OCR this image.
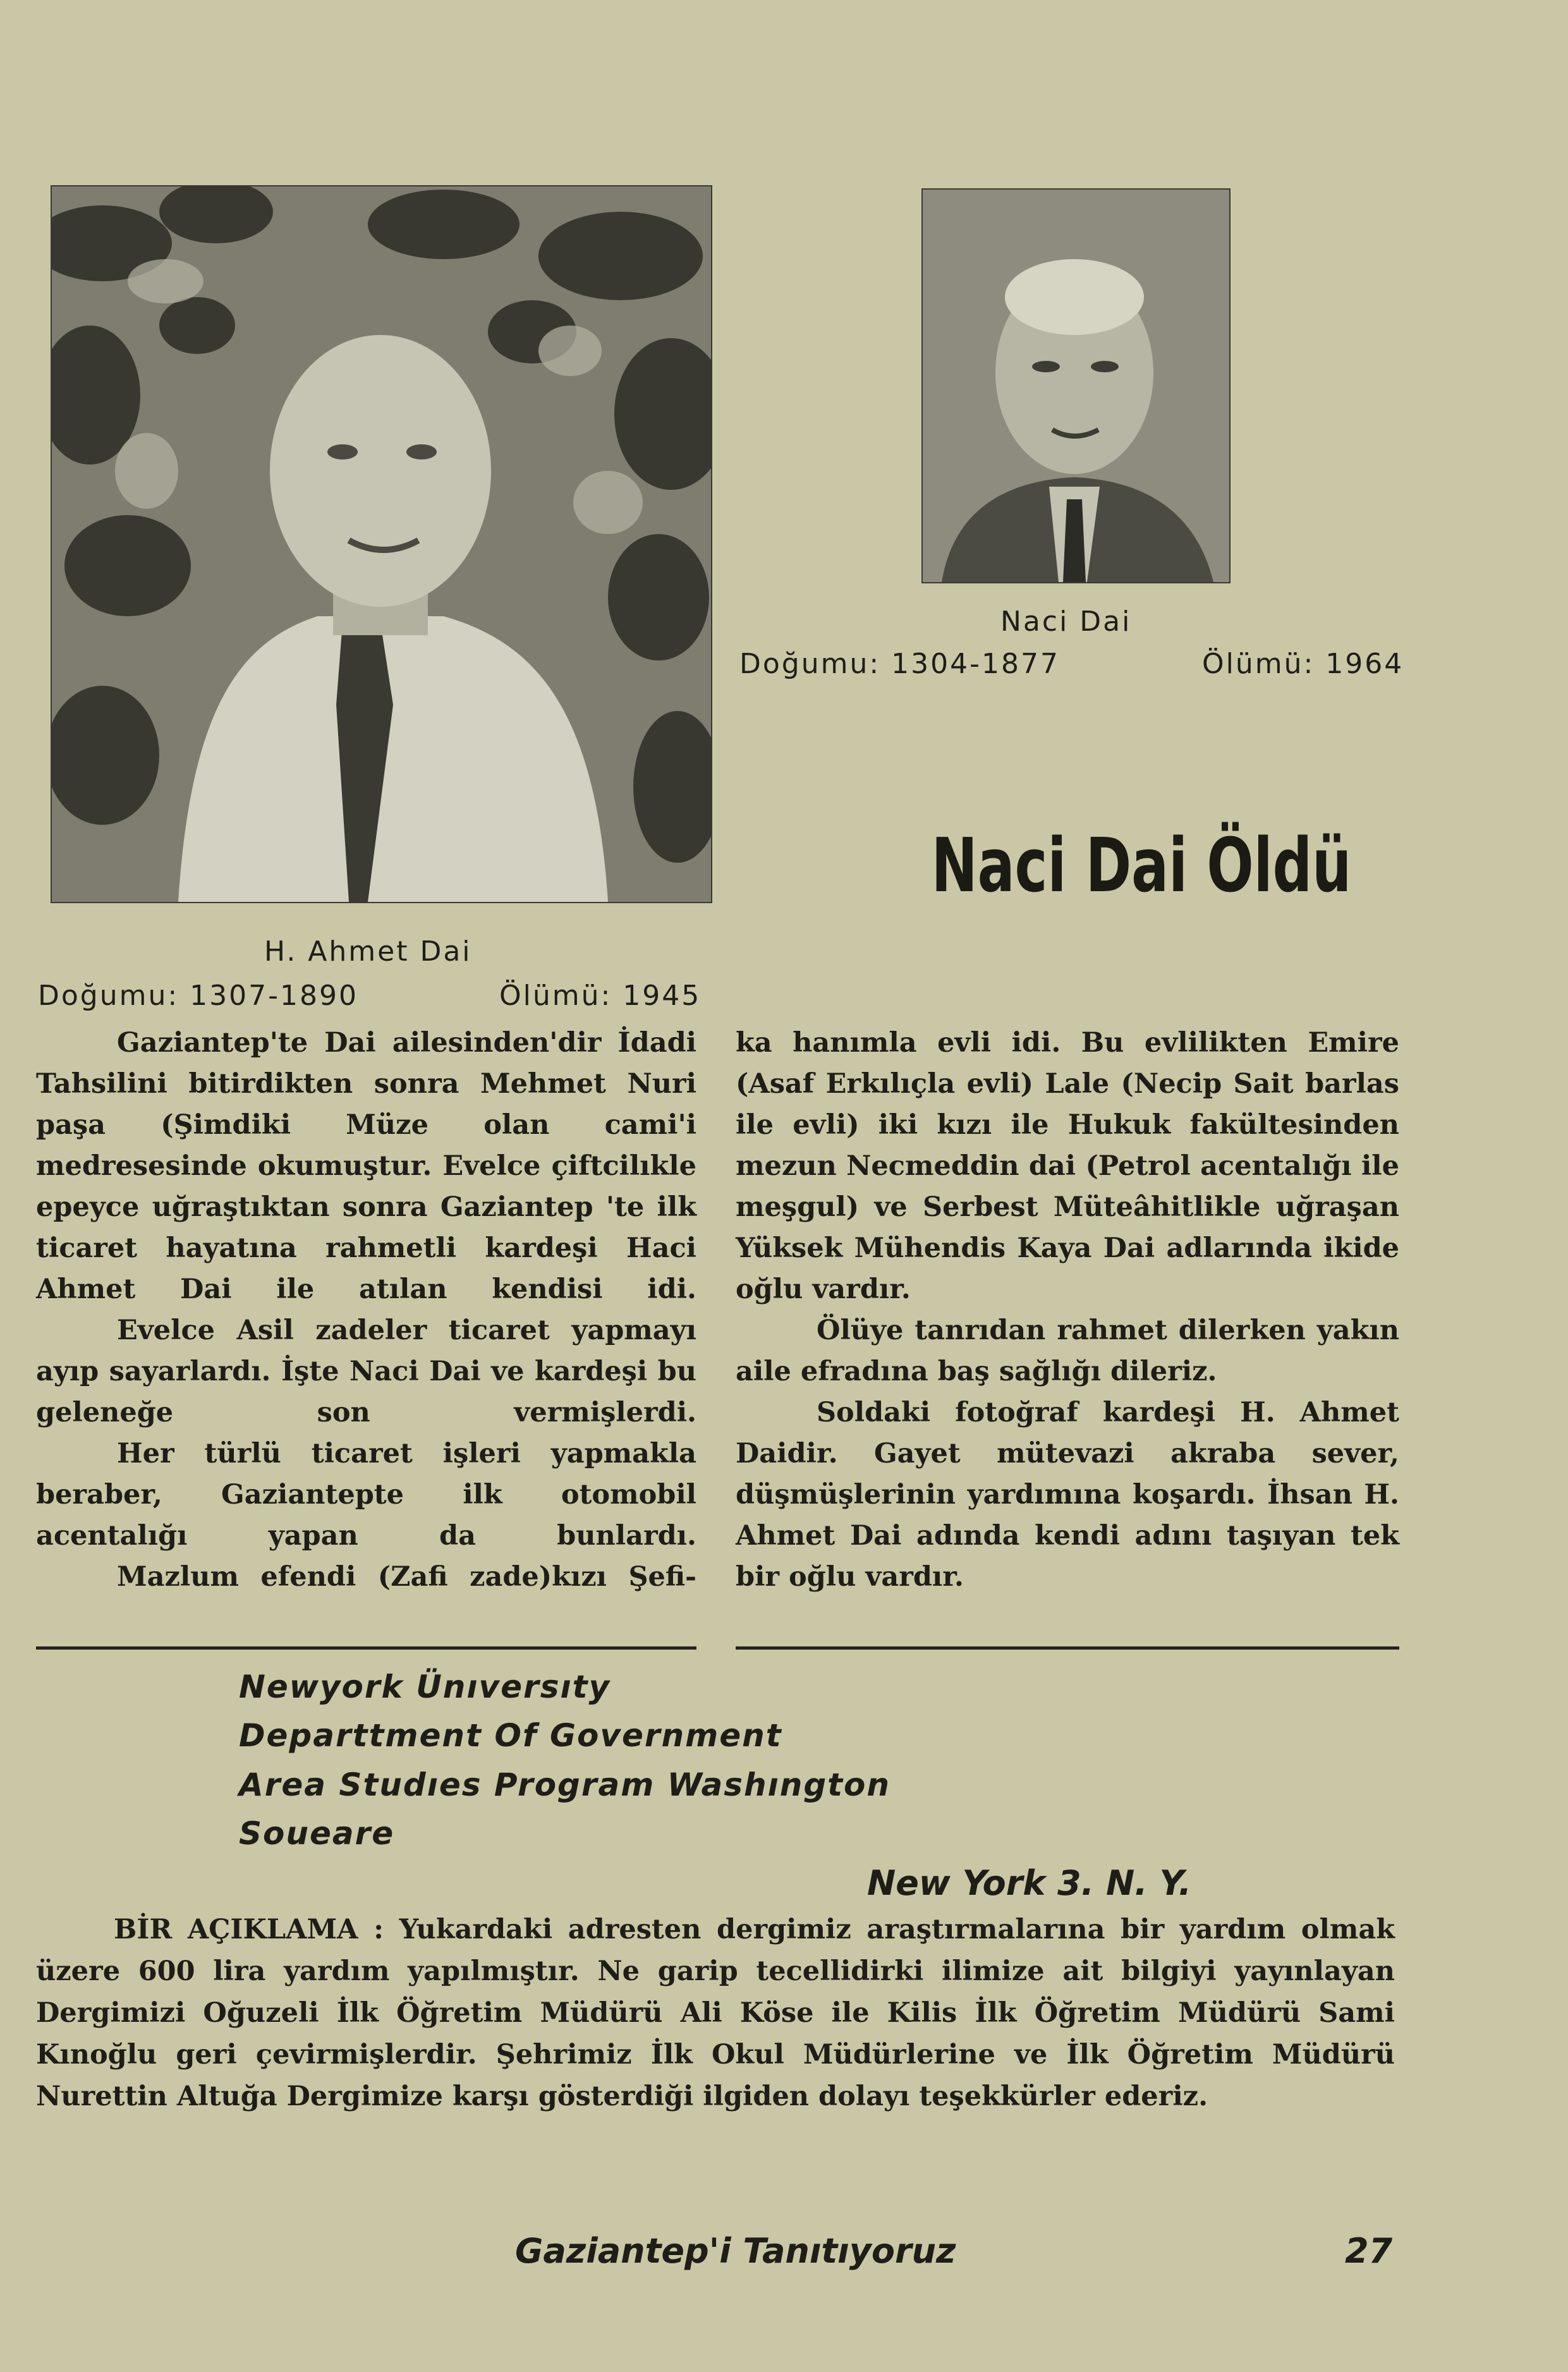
Naci Dai
Doğumu: 1304-1877	Ölümü: 1964
Naci Dai Öldü
H. Ahmet Dai
Doğumu: 1307-1890	Ölümü: 1945

Gaziantep'te Dai ailesinden'dir İdadi Tahsilini bitirdikten sonra Mehmet Nuri paşa (Şimdiki Müze olan cami'i medresesinde okumuştur. Evelce çiftcilıkle epeyce uğraştıktan sonra Gaziantep 'te ilk ticaret hayatına rahmetli kardeşi Haci Ahmet Dai ile atılan kendisi idi.

Evelce Asil zadeler ticaret yapmayı ayıp sayarlardı. İşte Naci Dai ve kardeşi bu geleneğe son vermişlerdi.

Her türlü ticaret işleri yapmakla beraber, Gaziantepte ilk otomobil acentalığı yapan da bunlardı.

Mazlum efendi (Zafi zade)kızı Şefi-

ka hanımla evli idi. Bu evlilikten Emire (Asaf Erkılıçla evli) Lale (Necip Sait barlas ile evli) iki kızı ile Hukuk fakültesinden mezun Necmeddin dai (Petrol acentalığı ile meşgul) ve Serbest Müteâhitlikle uğraşan Yüksek Mühendis Kaya Dai adlarında ikide oğlu vardır.

Ölüye tanrıdan rahmet dilerken yakın aile efradına baş sağlığı dileriz.

Soldaki fotoğraf kardeşi H. Ahmet Daidir. Gayet mütevazi akraba sever, düşmüşlerinin yardımına koşardı. İhsan H. Ahmet Dai adında kendi adını taşıyan tek bir oğlu vardır.

Newyork Ünıversıty
Departtment Of Government
Area Studıes Program Washıngton
Soueare
New York 3. N. Y.

BİR AÇIKLAMA : Yukardaki adresten dergimiz araştırmalarına bir yardım olmak üzere 600 lira yardım yapılmıştır. Ne garip tecellidirki ilimize ait bilgiyi yayınlayan Dergimizi Oğuzeli İlk Öğretim Müdürü Ali Köse ile Kilis İlk Öğretim Müdürü Sami Kınoğlu geri çevirmişlerdir. Şehrimiz İlk Okul Müdürlerine ve İlk Öğretim Müdürü Nurettin Altuğa Dergimize karşı gösterdiği ilgiden dolayı teşekkürler ederiz.

Gaziantep'i Tanıtıyoruz	27
